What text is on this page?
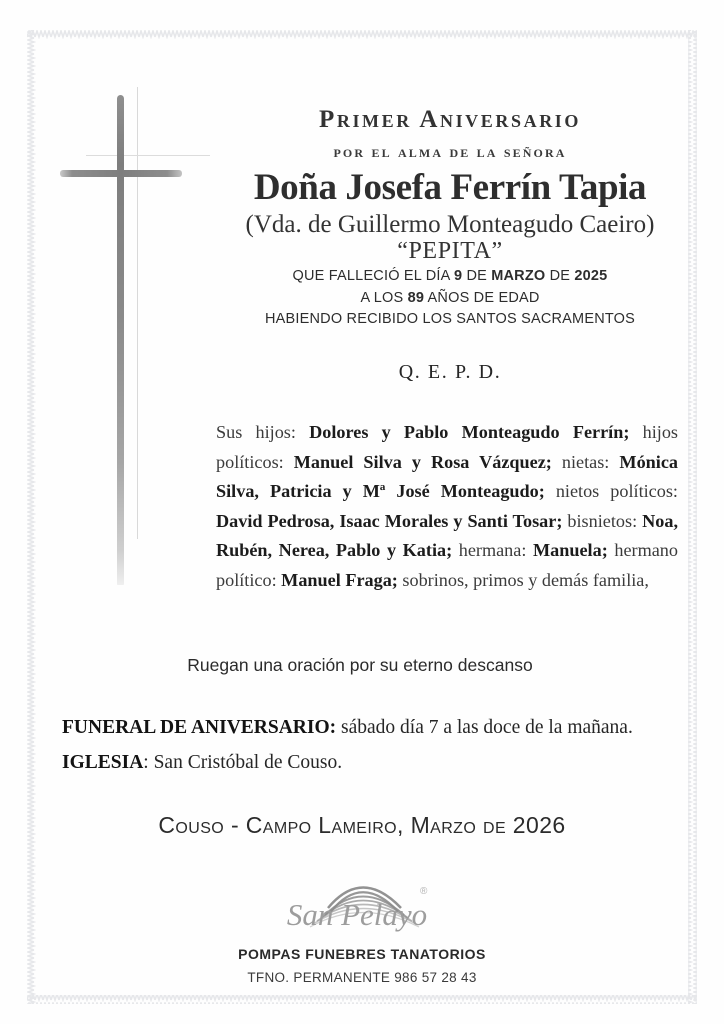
Primer Aniversario
por el alma de la señora
Doña Josefa Ferrín Tapia
(Vda. de Guillermo Monteagudo Caeiro)
“PEPITA”
QUE FALLECIÓ EL DÍA 9 DE MARZO DE 2025
A LOS 89 AÑOS DE EDAD
HABIENDO RECIBIDO LOS SANTOS SACRAMENTOS
Q. E. P. D.
Sus hijos: Dolores y Pablo Monteagudo Ferrín; hijos políticos: Manuel Silva y Rosa Vázquez; nietas: Mónica Silva, Patricia y Mª José Monteagudo; nietos políticos: David Pedrosa, Isaac Morales y Santi Tosar; bisnietos: Noa, Rubén, Nerea, Pablo y Katia; hermana: Manuela; hermano político: Manuel Fraga; sobrinos, primos y demás familia,
Ruegan una oración por su eterno descanso
FUNERAL DE ANIVERSARIO: sábado día 7 a las doce de la mañana.
IGLESIA: San Cristóbal de Couso.
Couso - Campo Lameiro, Marzo de 2026
San Pelayo
®
POMPAS FUNEBRES TANATORIOS
TFNO. PERMANENTE 986 57 28 43
